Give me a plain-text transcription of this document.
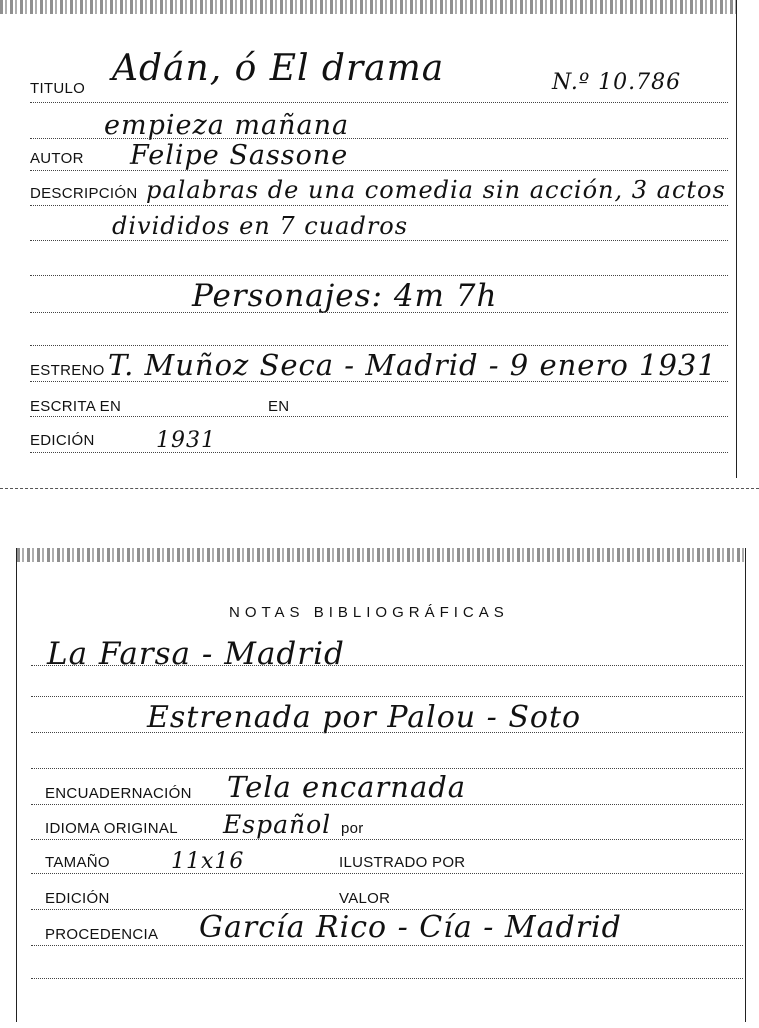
TITULO Adán, ó El drama	N.º 10.786
empieza mañana
AUTOR Felipe Sassone
DESCRIPCIÓN palabras de una comedia sin acción, 3 actos
divididos en 7 cuadros
Personajes: 4m 7h
ESTRENO T. Muñoz Seca - Madrid - 9 enero 1931
ESCRITA EN	EN
EDICIÓN	1931
NOTAS BIBLIOGRÁFICAS
La Farsa - Madrid
Estrenada por Palou - Soto
ENCUADERNACIÓN Tela encarnada
IDIOMA ORIGINAL Español por
TAMAÑO	11x16	ILUSTRADO POR
EDICIÓN	VALOR
PROCEDENCIA García Rico - Cía - Madrid
